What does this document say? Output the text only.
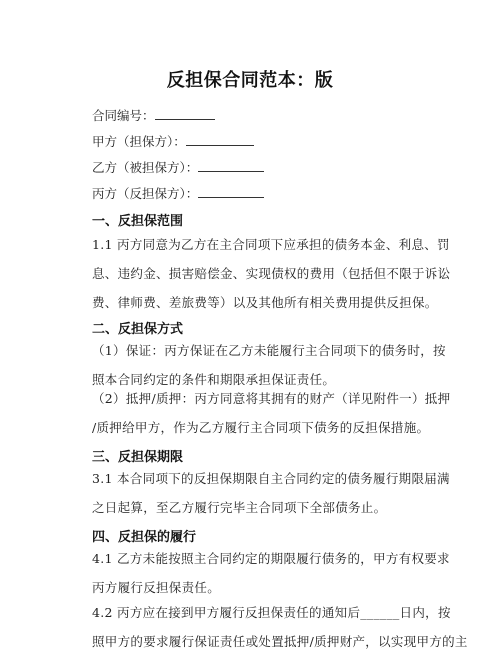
反担保合同范本：版
合同编号：
甲方（担保方）：
乙方（被担保方）：
丙方（反担保方）：
一、反担保范围
1.1 丙方同意为乙方在主合同项下应承担的债务本金、利息、罚
息、违约金、损害赔偿金、实现债权的费用（包括但不限于诉讼
费、律师费、差旅费等）以及其他所有相关费用提供反担保。
二、反担保方式
（1）保证：丙方保证在乙方未能履行主合同项下的债务时，按
照本合同约定的条件和期限承担保证责任。
（2）抵押/质押：丙方同意将其拥有的财产（详见附件一）抵押
/质押给甲方，作为乙方履行主合同项下债务的反担保措施。
三、反担保期限
3.1 本合同项下的反担保期限自主合同约定的债务履行期限届满
之日起算，至乙方履行完毕主合同项下全部债务止。
四、反担保的履行
4.1 乙方未能按照主合同约定的期限履行债务的，甲方有权要求
丙方履行反担保责任。
4.2 丙方应在接到甲方履行反担保责任的通知后______日内，按
照甲方的要求履行保证责任或处置抵押/质押财产，以实现甲方的主
